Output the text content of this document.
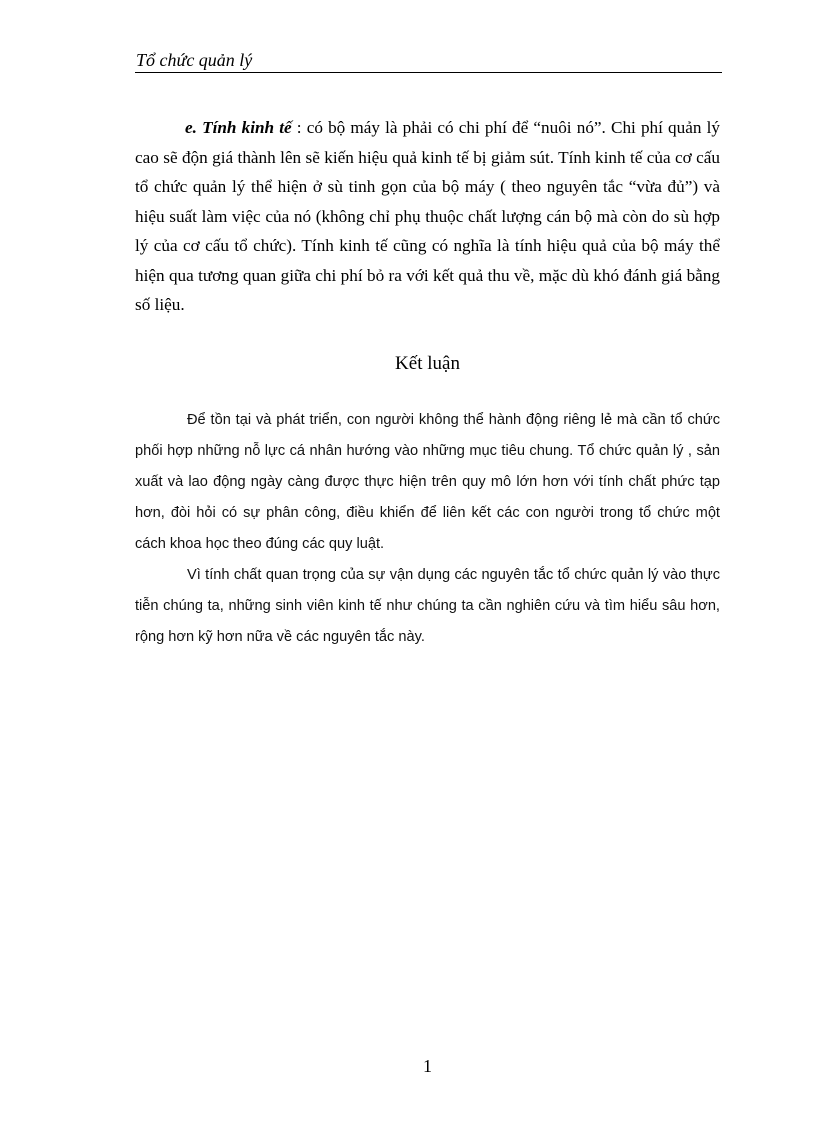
Tổ chức quản lý

e. Tính kinh tế : có bộ máy là phải có chi phí để “nuôi nó”. Chi phí quản lý cao sẽ độn giá thành lên sẽ kiến hiệu quả kinh tế bị giảm sút. Tính kinh tế của cơ cấu tổ chức quản lý thể hiện ở sù tinh gọn của bộ máy ( theo nguyên tắc “vừa đủ”) và hiệu suất làm việc của nó (không chỉ phụ thuộc chất lượng cán bộ mà còn do sù hợp lý của cơ cấu tổ chức). Tính kinh tế cũng có nghĩa là tính hiệu quả của bộ máy thể hiện qua tương quan giữa chi phí bỏ ra với kết quả thu về, mặc dù khó đánh giá bằng số liệu.

Kết luận

Để tồn tại và phát triển, con người không thể hành động riêng lẻ mà cần tổ chức phối hợp những nỗ lực cá nhân hướng vào những mục tiêu chung. Tổ chức quản lý , sản xuất và lao động ngày càng được thực hiện trên quy mô lớn hơn với tính chất phức tạp hơn, đòi hỏi có sự phân công, điều khiển để liên kết các con người trong tổ chức một cách khoa học theo đúng các quy luật.

Vì tính chất quan trọng của sự vận dụng các nguyên tắc tổ chức quản lý vào thực tiễn chúng ta, những sinh viên kinh tế như chúng ta cần nghiên cứu và tìm hiểu sâu hơn, rộng hơn kỹ hơn nữa về các nguyên tắc này.

1
